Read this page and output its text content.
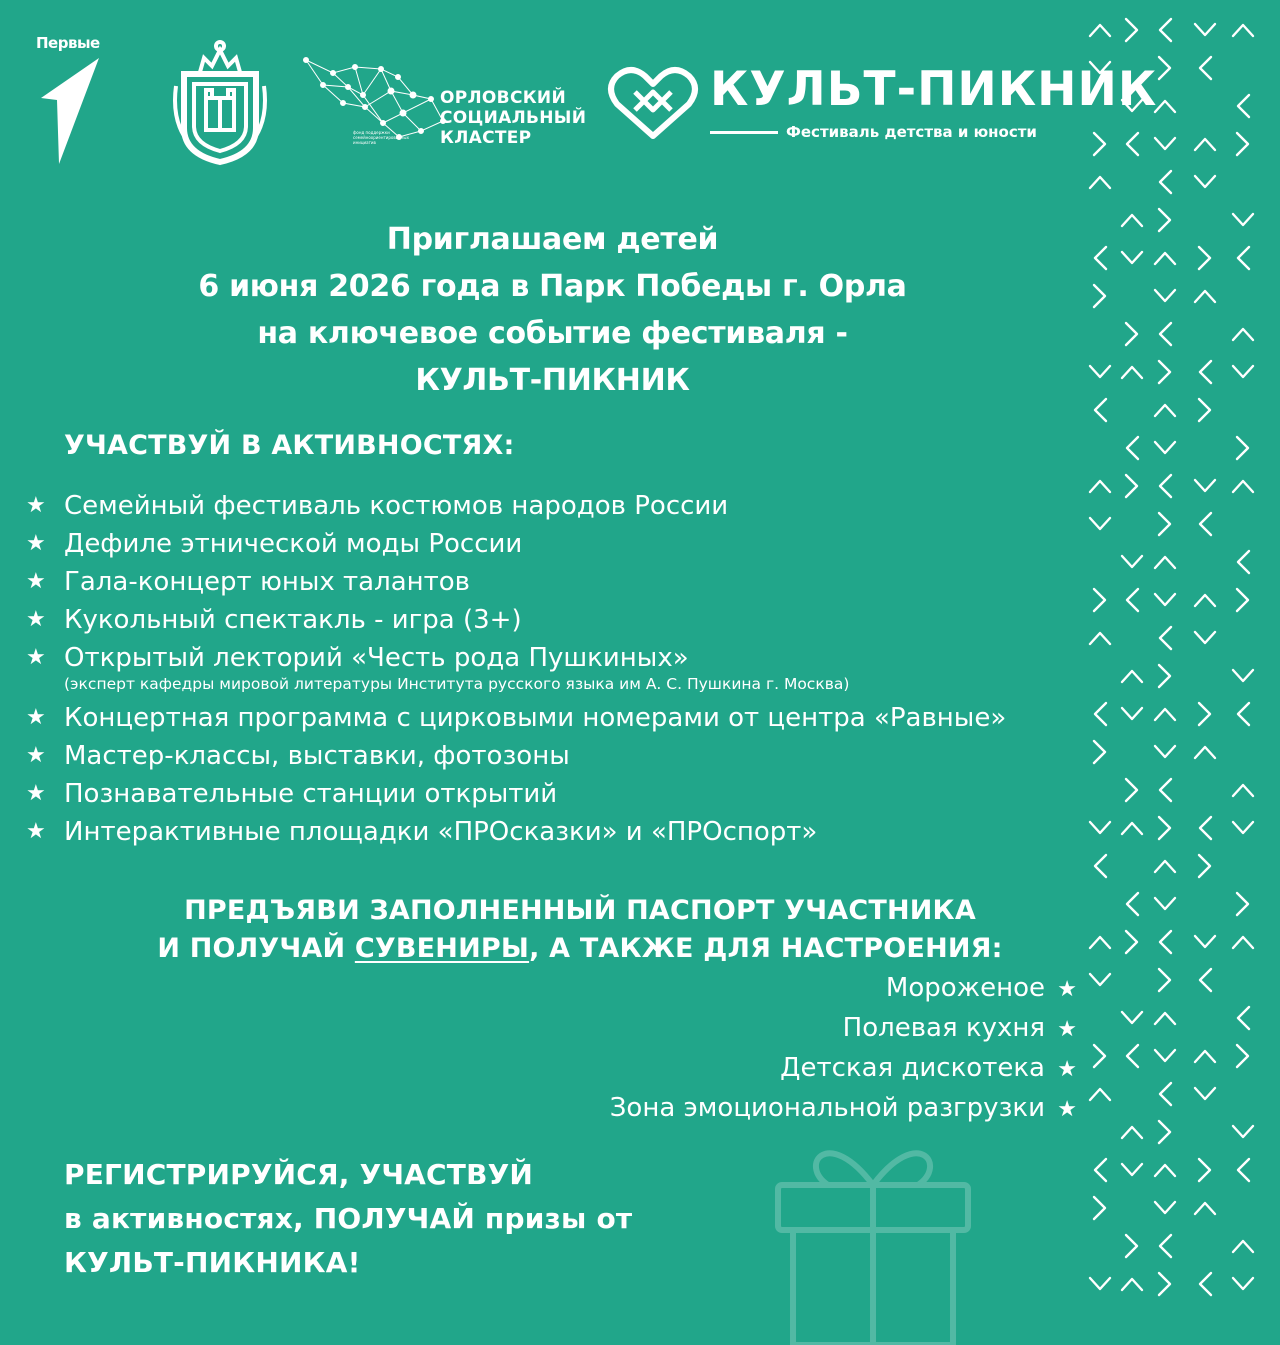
Первые
ОРЛОВСКИЙ
СОЦИАЛЬНЫЙ
КЛАСТЕР
фонд поддержки семейноориентированных инициатив
КУЛЬТ-ПИКНИК
Фестиваль детства и юности
Приглашаем детей
6 июня 2026 года в Парк Победы г. Орла
на ключевое событие фестиваля -
КУЛЬТ-ПИКНИК
УЧАСТВУЙ В АКТИВНОСТЯХ:
★ Семейный фестиваль костюмов народов России
★ Дефиле этнической моды России
★ Гала-концерт юных талантов
★ Кукольный спектакль - игра (3+)
★ Открытый лекторий «Честь рода Пушкиных»
(эксперт кафедры мировой литературы Института русского языка им А. С. Пушкина г. Москва)
★ Концертная программа с цирковыми номерами от центра «Равные»
★ Мастер-классы, выставки, фотозоны
★ Познавательные станции открытий
★ Интерактивные площадки «ПРОсказки» и «ПРОспорт»
ПРЕДЪЯВИ ЗАПОЛНЕННЫЙ ПАСПОРТ УЧАСТНИКА
И ПОЛУЧАЙ СУВЕНИРЫ, А ТАКЖЕ ДЛЯ НАСТРОЕНИЯ:
Мороженое ★
Полевая кухня ★
Детская дискотека ★
Зона эмоциональной разгрузки ★
РЕГИСТРИРУЙСЯ, УЧАСТВУЙ
в активностях, ПОЛУЧАЙ призы от
КУЛЬТ-ПИКНИКА!
